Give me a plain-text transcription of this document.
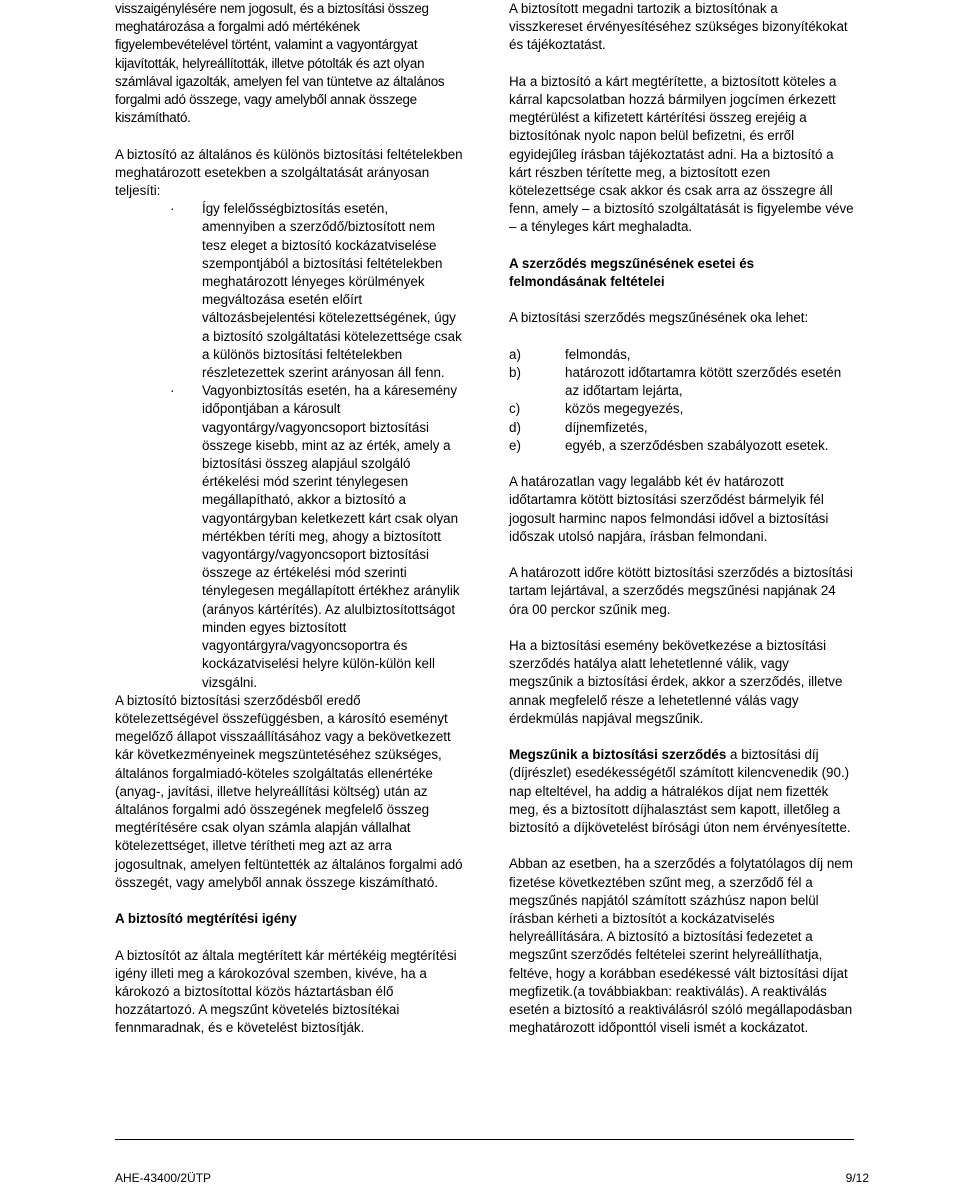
visszaigénylésére nem jogosult, és a biztosítási összeg meghatározása a forgalmi adó mértékének figyelembevételével történt, valamint a vagyontárgyat kijavították, helyreállították, illetve pótolták és azt olyan számlával igazolták, amelyen fel van tüntetve az általános forgalmi adó összege, vagy amelyből annak összege kiszámítható.

A biztosító az általános és különös biztosítási feltételekben meghatározott esetekben a szolgáltatását arányosan teljesíti:

· Így felelősségbiztosítás esetén, amennyiben a szerződő/biztosított nem tesz eleget a biztosító kockázatviselése szempontjából a biztosítási feltételekben meghatározott lényeges körülmények megváltozása esetén előírt változásbejelentési kötelezettségének, úgy a biztosító szolgáltatási kötelezettsége csak a különös biztosítási feltételekben részletezettek szerint arányosan áll fenn.
· Vagyonbiztosítás esetén, ha a káresemény időpontjában a károsult vagyontárgy/vagyoncsoport biztosítási összege kisebb, mint az az érték, amely a biztosítási összeg alapjául szolgáló értékelési mód szerint ténylegesen megállapítható, akkor a biztosító a vagyontárgyban keletkezett kárt csak olyan mértékben téríti meg, ahogy a biztosított vagyontárgy/vagyoncsoport biztosítási összege az értékelési mód szerinti ténylegesen megállapított értékhez aránylik (arányos kártérítés). Az alulbiztosítottságot minden egyes biztosított vagyontárgyra/vagyoncsoportra és kockázatviselési helyre külön-külön kell vizsgálni.

A biztosító biztosítási szerződésből eredő kötelezettségével összefüggésben, a károsító eseményt megelőző állapot visszaállításához vagy a bekövetkezett kár következményeinek megszüntetéséhez szükséges, általános forgalmiadó-köteles szolgáltatás ellenértéke (anyag-, javítási, illetve helyreállítási költség) után az általános forgalmi adó összegének megfelelő összeg megtérítésére csak olyan számla alapján vállalhat kötelezettséget, illetve térítheti meg azt az arra jogosultnak, amelyen feltüntették az általános forgalmi adó összegét, vagy amelyből annak összege kiszámítható.

A biztosító megtérítési igény

A biztosítót az általa megtérített kár mértékéig megtérítési igény illeti meg a károkozóval szemben, kivéve, ha a károkozó a biztosítottal közös háztartásban élő hozzátartozó. A megszűnt követelés biztosítékai fennmaradnak, és e követelést biztosítják.

A biztosított megadni tartozik a biztosítónak a visszkereset érvényesítéséhez szükséges bizonyítékokat és tájékoztatást.

Ha a biztosító a kárt megtérítette, a biztosított köteles a kárral kapcsolatban hozzá bármilyen jogcímen érkezett megtérülést a kifizetett kártérítési összeg erejéig a biztosítónak nyolc napon belül befizetni, és erről egyidejűleg írásban tájékoztatást adni. Ha a biztosító a kárt részben térítette meg, a biztosított ezen kötelezettsége csak akkor és csak arra az összegre áll fenn, amely – a biztosító szolgáltatását is figyelembe véve – a tényleges kárt meghaladta.

A szerződés megszűnésének esetei és felmondásának feltételei

A biztosítási szerződés megszűnésének oka lehet:

a)	felmondás,
b)	határozott időtartamra kötött szerződés esetén az időtartam lejárta,
c)	közös megegyezés,
d)	díjnemfizetés,
e)	egyéb, a szerződésben szabályozott esetek.

A határozatlan vagy legalább két év határozott időtartamra kötött biztosítási szerződést bármelyik fél jogosult harminc napos felmondási idővel a biztosítási időszak utolsó napjára, írásban felmondani.

A határozott időre kötött biztosítási szerződés a biztosítási tartam lejártával, a szerződés megszűnési napjának 24 óra 00 perckor szűnik meg.

Ha a biztosítási esemény bekövetkezése a biztosítási szerződés hatálya alatt lehetetlenné válik, vagy megszűnik a biztosítási érdek, akkor a szerződés, illetve annak megfelelő része a lehetetlenné válás vagy érdekmúlás napjával megszűnik.

Megszűnik a biztosítási szerződés a biztosítási díj (díjrészlet) esedékességétől számított kilencvenedik (90.) nap elteltével, ha addig a hátralékos díjat nem fizették meg, és a biztosított díjhalasztást sem kapott, illetőleg a biztosító a díjkövetelést bírósági úton nem érvényesítette.

Abban az esetben, ha a szerződés a folytatólagos díj nem fizetése következtében szűnt meg, a szerződő fél a megszűnés napjától számított százhúsz napon belül írásban kérheti a biztosítót a kockázatviselés helyreállítására. A biztosító a biztosítási fedezetet a megszűnt szerződés feltételei szerint helyreállíthatja, feltéve, hogy a korábban esedékessé vált biztosítási díjat megfizetik.(a továbbiakban: reaktiválás). A reaktiválás esetén a biztosító a reaktiválásról szóló megállapodásban meghatározott időponttól viseli ismét a kockázatot.

AHE-43400/2ÜTP	9/12
